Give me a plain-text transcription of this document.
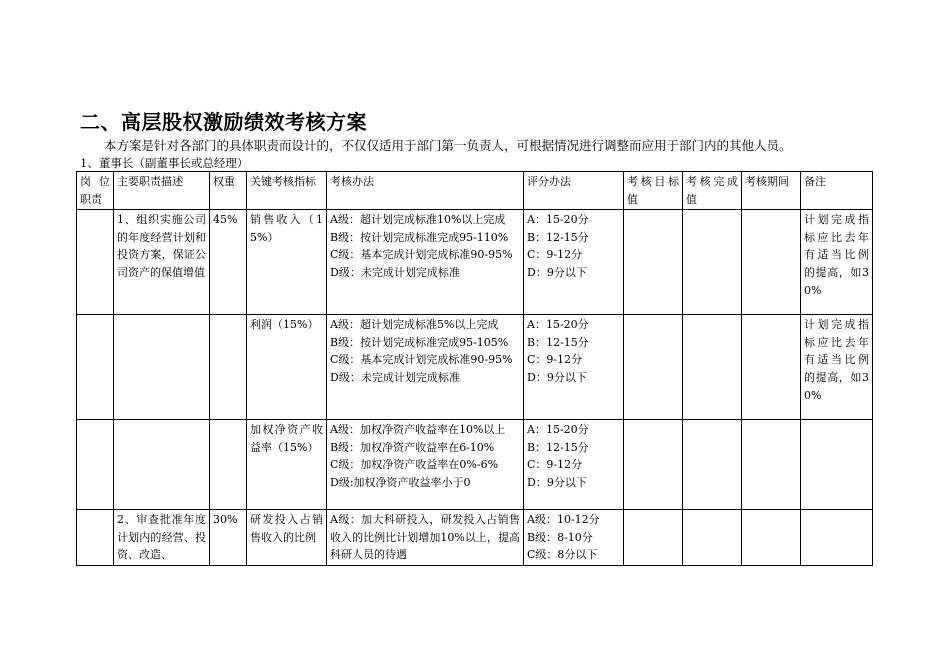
二、高层股权激励绩效考核方案
本方案是针对各部门的具体职责而设计的，不仅仅适用于部门第一负责人，可根据情况进行调整而应用于部门内的其他人员。
1、董事长（副董事长或总经理）
岗位职责	主要职责描述	权重	关键考核指标	考核办法	评分办法	考核目标值	考核完成值	考核期间	备注
	1、组织实施公司的年度经营计划和投资方案，保证公司资产的保值增值	45%	销售收入（15%）	A级：超计划完成标准10%以上完成
B级：按计划完成标准完成95-110%
C级：基本完成计划完成标准90-95%
D级：未完成计划完成标准	A：15-20分
B：12-15分
C：9-12分
D：9分以下				计划完成指标应比去年有适当比例的提高，如30%
			利润（15%）	A级：超计划完成标准5%以上完成
B级：按计划完成标准完成95-105%
C级：基本完成计划完成标准90-95%
D级：未完成计划完成标准	A：15-20分
B：12-15分
C：9-12分
D：9分以下				计划完成指标应比去年有适当比例的提高，如30%
			加权净资产收益率（15%）	A级：加权净资产收益率在10%以上
B级：加权净资产收益率在6-10%
C级：加权净资产收益率在0%-6%
D级:加权净资产收益率小于0	A：15-20分
B：12-15分
C：9-12分
D：9分以下				

	2、审查批准年度计划内的经营、投资、改造、	30%	研发投入占销售收入的比例	A级：加大科研投入，研发投入占销售收入的比例比计划增加10%以上，提高科研人员的待遇	A级：10-12分
B级：8-10分
C级：8分以下				
